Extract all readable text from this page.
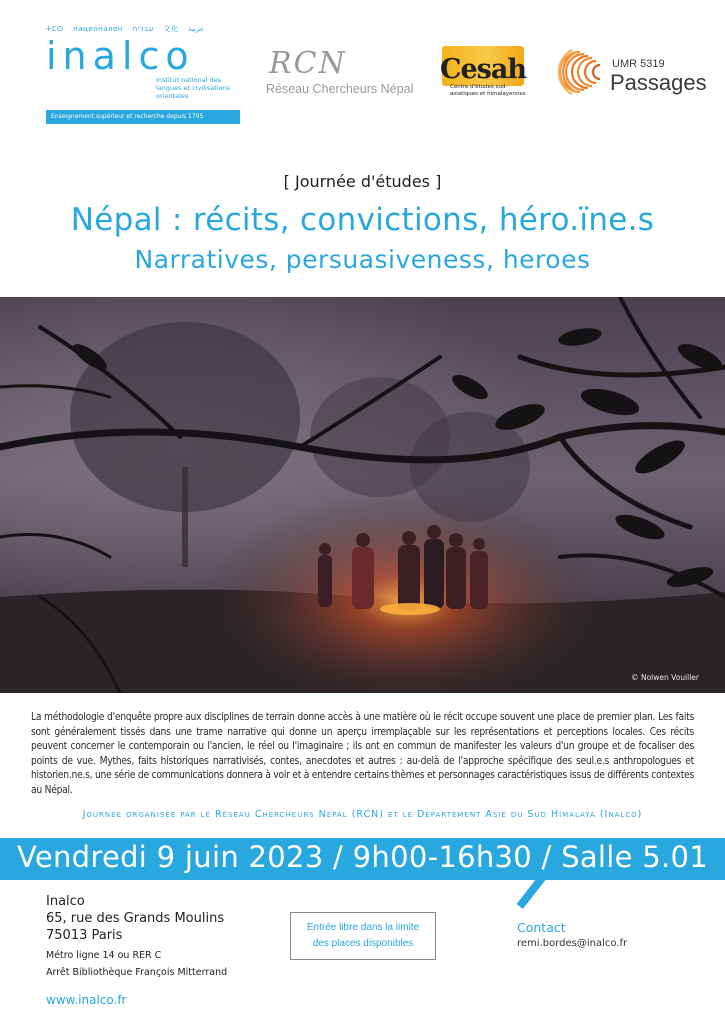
ⵜⵎⵙ национален עִבְרִית 文化 عربية
inalco
Institut national des langues et civilisations orientales
Enseignement supérieur et recherche depuis 1795
RCN
Réseau Chercheurs Népal
Cesah
Centre d'études sud-asiatiques et himalayennes
UMR 5319
Passages
[ Journée d'études ]
Népal : récits, convictions, héro.ïne.s
Narratives, persuasiveness, heroes
© Nolwen Vouiller

La méthodologie d'enquête propre aux disciplines de terrain donne accès à une matière où le récit occupe souvent une place de premier plan. Les faits sont généralement tissés dans une trame narrative qui donne un aperçu irremplaçable sur les représentations et perceptions locales. Ces récits peuvent concerner le contemporain ou l'ancien, le réel ou l'imaginaire ; ils ont en commun de manifester les valeurs d'un groupe et de focaliser des points de vue. Mythes, faits historiques narrativisés, contes, anecdotes et autres : au-delà de l'approche spécifique des seul.e.s anthropologues et historien.ne.s, une série de communications donnera à voir et à entendre certains thèmes et personnages caractéristiques issus de différents contextes au Népal.

Journée organisée par le Réseau Chercheurs Népal (RCN) et le Département Asie du Sud Himalaya (Inalco)
Vendredi 9 juin 2023 / 9h00-16h30 / Salle 5.01
Inalco
65, rue des Grands Moulins
75013 Paris
Métro ligne 14 ou RER C
Arrêt Bibliothèque François Mitterrand
www.inalco.fr
Entrée libre dans la limite
des places disponibles
Contact
remi.bordes@inalco.fr
